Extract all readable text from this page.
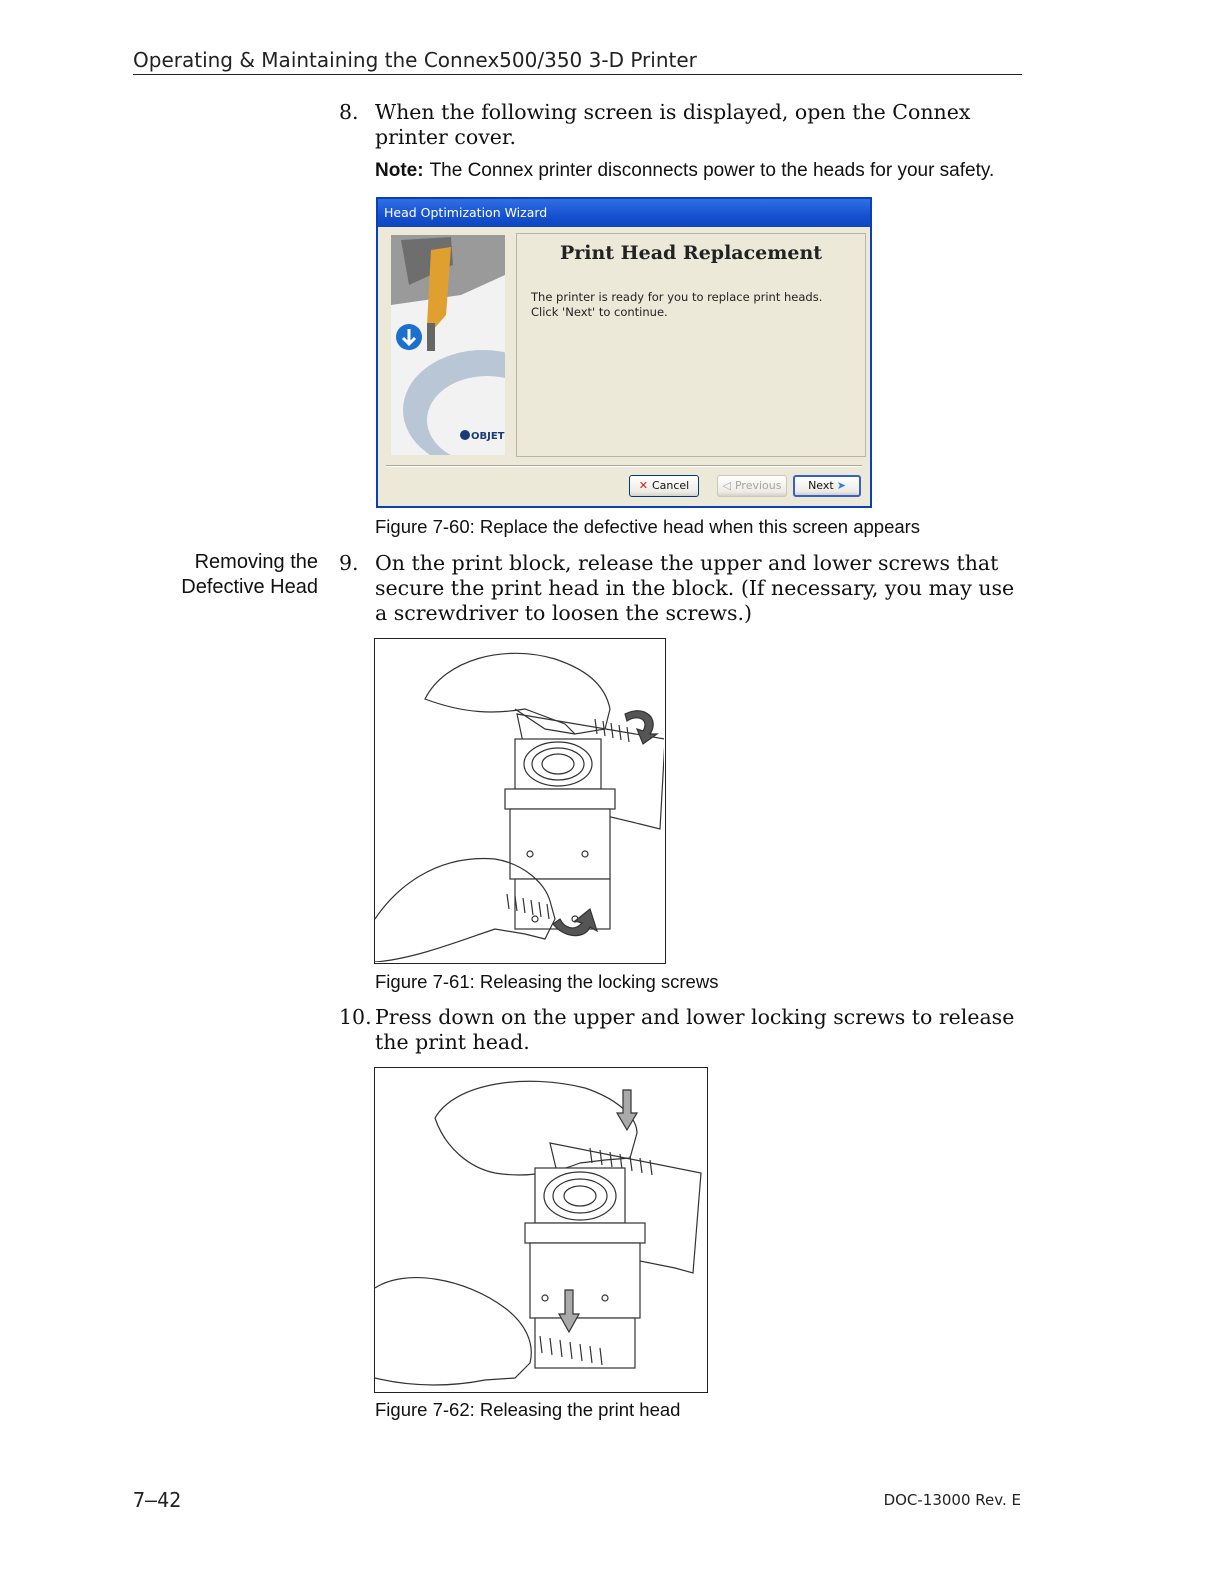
Operating & Maintaining the Connex500/350 3-D Printer
8. When the following screen is displayed, open the Connex printer cover.
Note: The Connex printer disconnects power to the heads for your safety.
Head Optimization Wizard
OBJET
Print Head Replacement
The printer is ready for you to replace print heads.
Click 'Next' to continue.
✕ Cancel	◁ Previous	Next ➤
Figure 7-60: Replace the defective head when this screen appears
Removing the
Defective Head
9. On the print block, release the upper and lower screws that secure the print head in the block. (If necessary, you may use a screwdriver to loosen the screws.)
Figure 7-61: Releasing the locking screws
10. Press down on the upper and lower locking screws to release the print head.
Figure 7-62: Releasing the print head
7–42	DOC-13000 Rev. E
